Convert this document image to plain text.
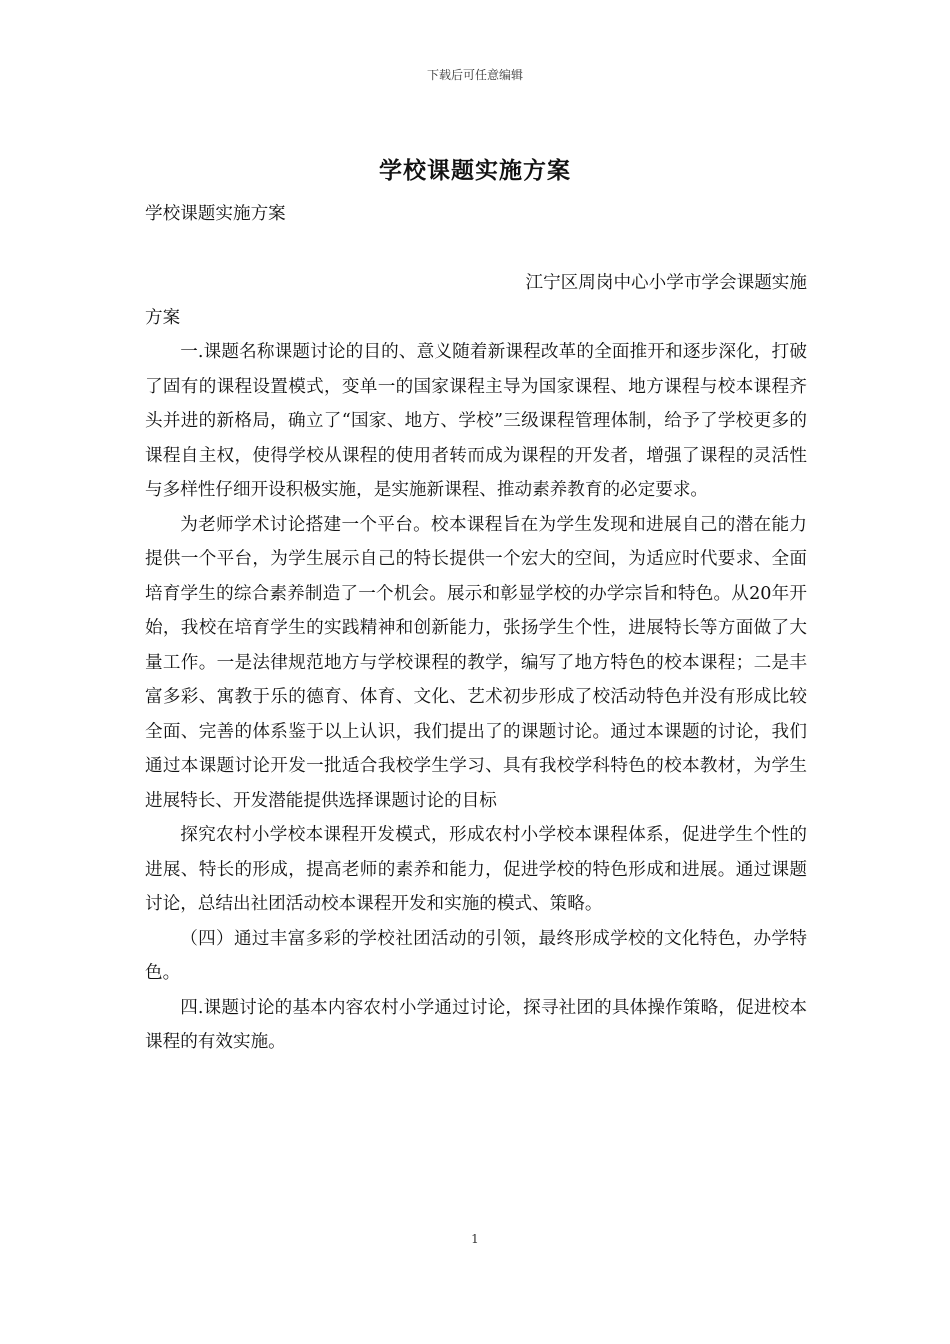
下载后可任意编辑
学校课题实施方案

学校课题实施方案

江宁区周岗中心小学市学会课题实施

方案

一.课题名称课题讨论的目的、意义随着新课程改革的全面推开和逐步深化，打破了固有的课程设置模式，变单一的国家课程主导为国家课程、地方课程与校本课程齐头并进的新格局，确立了“国家、地方、学校”三级课程管理体制，给予了学校更多的课程自主权，使得学校从课程的使用者转而成为课程的开发者，增强了课程的灵活性与多样性仔细开设积极实施，是实施新课程、推动素养教育的必定要求。

为老师学术讨论搭建一个平台。校本课程旨在为学生发现和进展自己的潜在能力提供一个平台，为学生展示自己的特长提供一个宏大的空间，为适应时代要求、全面培育学生的综合素养制造了一个机会。展示和彰显学校的办学宗旨和特色。从20年开始，我校在培育学生的实践精神和创新能力，张扬学生个性，进展特长等方面做了大量工作。一是法律规范地方与学校课程的教学，编写了地方特色的校本课程；二是丰富多彩、寓教于乐的德育、体育、文化、艺术初步形成了校活动特色并没有形成比较全面、完善的体系鉴于以上认识，我们提出了的课题讨论。通过本课题的讨论，我们通过本课题讨论开发一批适合我校学生学习、具有我校学科特色的校本教材，为学生进展特长、开发潜能提供选择课题讨论的目标

探究农村小学校本课程开发模式，形成农村小学校本课程体系，促进学生个性的进展、特长的形成，提高老师的素养和能力，促进学校的特色形成和进展。通过课题讨论，总结出社团活动校本课程开发和实施的模式、策略。

（四）通过丰富多彩的学校社团活动的引领，最终形成学校的文化特色，办学特色。

四.课题讨论的基本内容农村小学通过讨论，探寻社团的具体操作策略，促进校本课程的有效实施。

1
